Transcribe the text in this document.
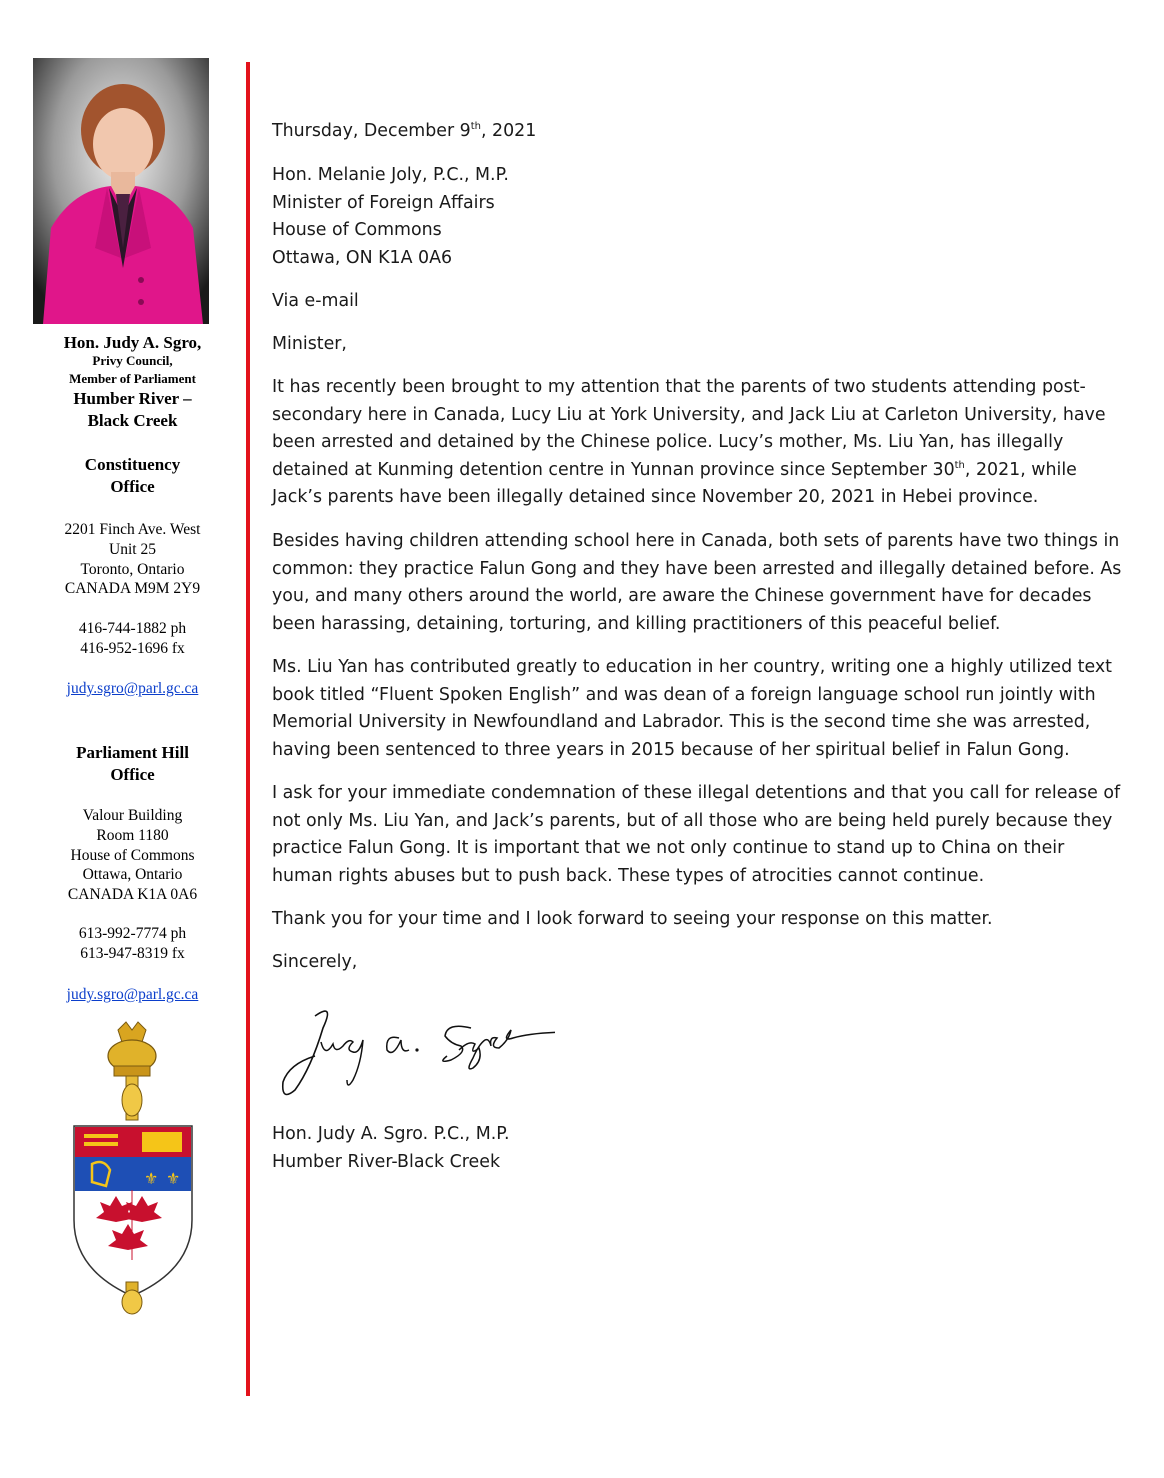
Hon. Judy A. Sgro,
Privy Council,
Member of Parliament
Humber River –
Black Creek
Constituency
Office
2201 Finch Ave. West
Unit 25
Toronto, Ontario
CANADA M9M 2Y9
416-744-1882 ph
416-952-1696 fx
judy.sgro@parl.gc.ca
Parliament Hill
Office
Valour Building
Room 1180
House of Commons
Ottawa, Ontario
CANADA K1A 0A6
613-992-7774 ph
613-947-8319 fx
judy.sgro@parl.gc.ca
⚜ ⚜

Thursday, December 9th, 2021

Hon. Melanie Joly, P.C., M.P.
Minister of Foreign Affairs
House of Commons
Ottawa, ON K1A 0A6

Via e-mail

Minister,

It has recently been brought to my attention that the parents of two students attending post-
secondary here in Canada, Lucy Liu at York University, and Jack Liu at Carleton University, have
been arrested and detained by the Chinese police. Lucy’s mother, Ms. Liu Yan, has illegally
detained at Kunming detention centre in Yunnan province since September 30th, 2021, while
Jack’s parents have been illegally detained since November 20, 2021 in Hebei province.

Besides having children attending school here in Canada, both sets of parents have two things in
common: they practice Falun Gong and they have been arrested and illegally detained before. As
you, and many others around the world, are aware the Chinese government have for decades
been harassing, detaining, torturing, and killing practitioners of this peaceful belief.

Ms. Liu Yan has contributed greatly to education in her country, writing one a highly utilized text
book titled “Fluent Spoken English” and was dean of a foreign language school run jointly with
Memorial University in Newfoundland and Labrador. This is the second time she was arrested,
having been sentenced to three years in 2015 because of her spiritual belief in Falun Gong.

I ask for your immediate condemnation of these illegal detentions and that you call for release of
not only Ms. Liu Yan, and Jack’s parents, but of all those who are being held purely because they
practice Falun Gong. It is important that we not only continue to stand up to China on their
human rights abuses but to push back. These types of atrocities cannot continue.

Thank you for your time and I look forward to seeing your response on this matter.

Sincerely,

Hon. Judy A. Sgro. P.C., M.P.
Humber River-Black Creek
